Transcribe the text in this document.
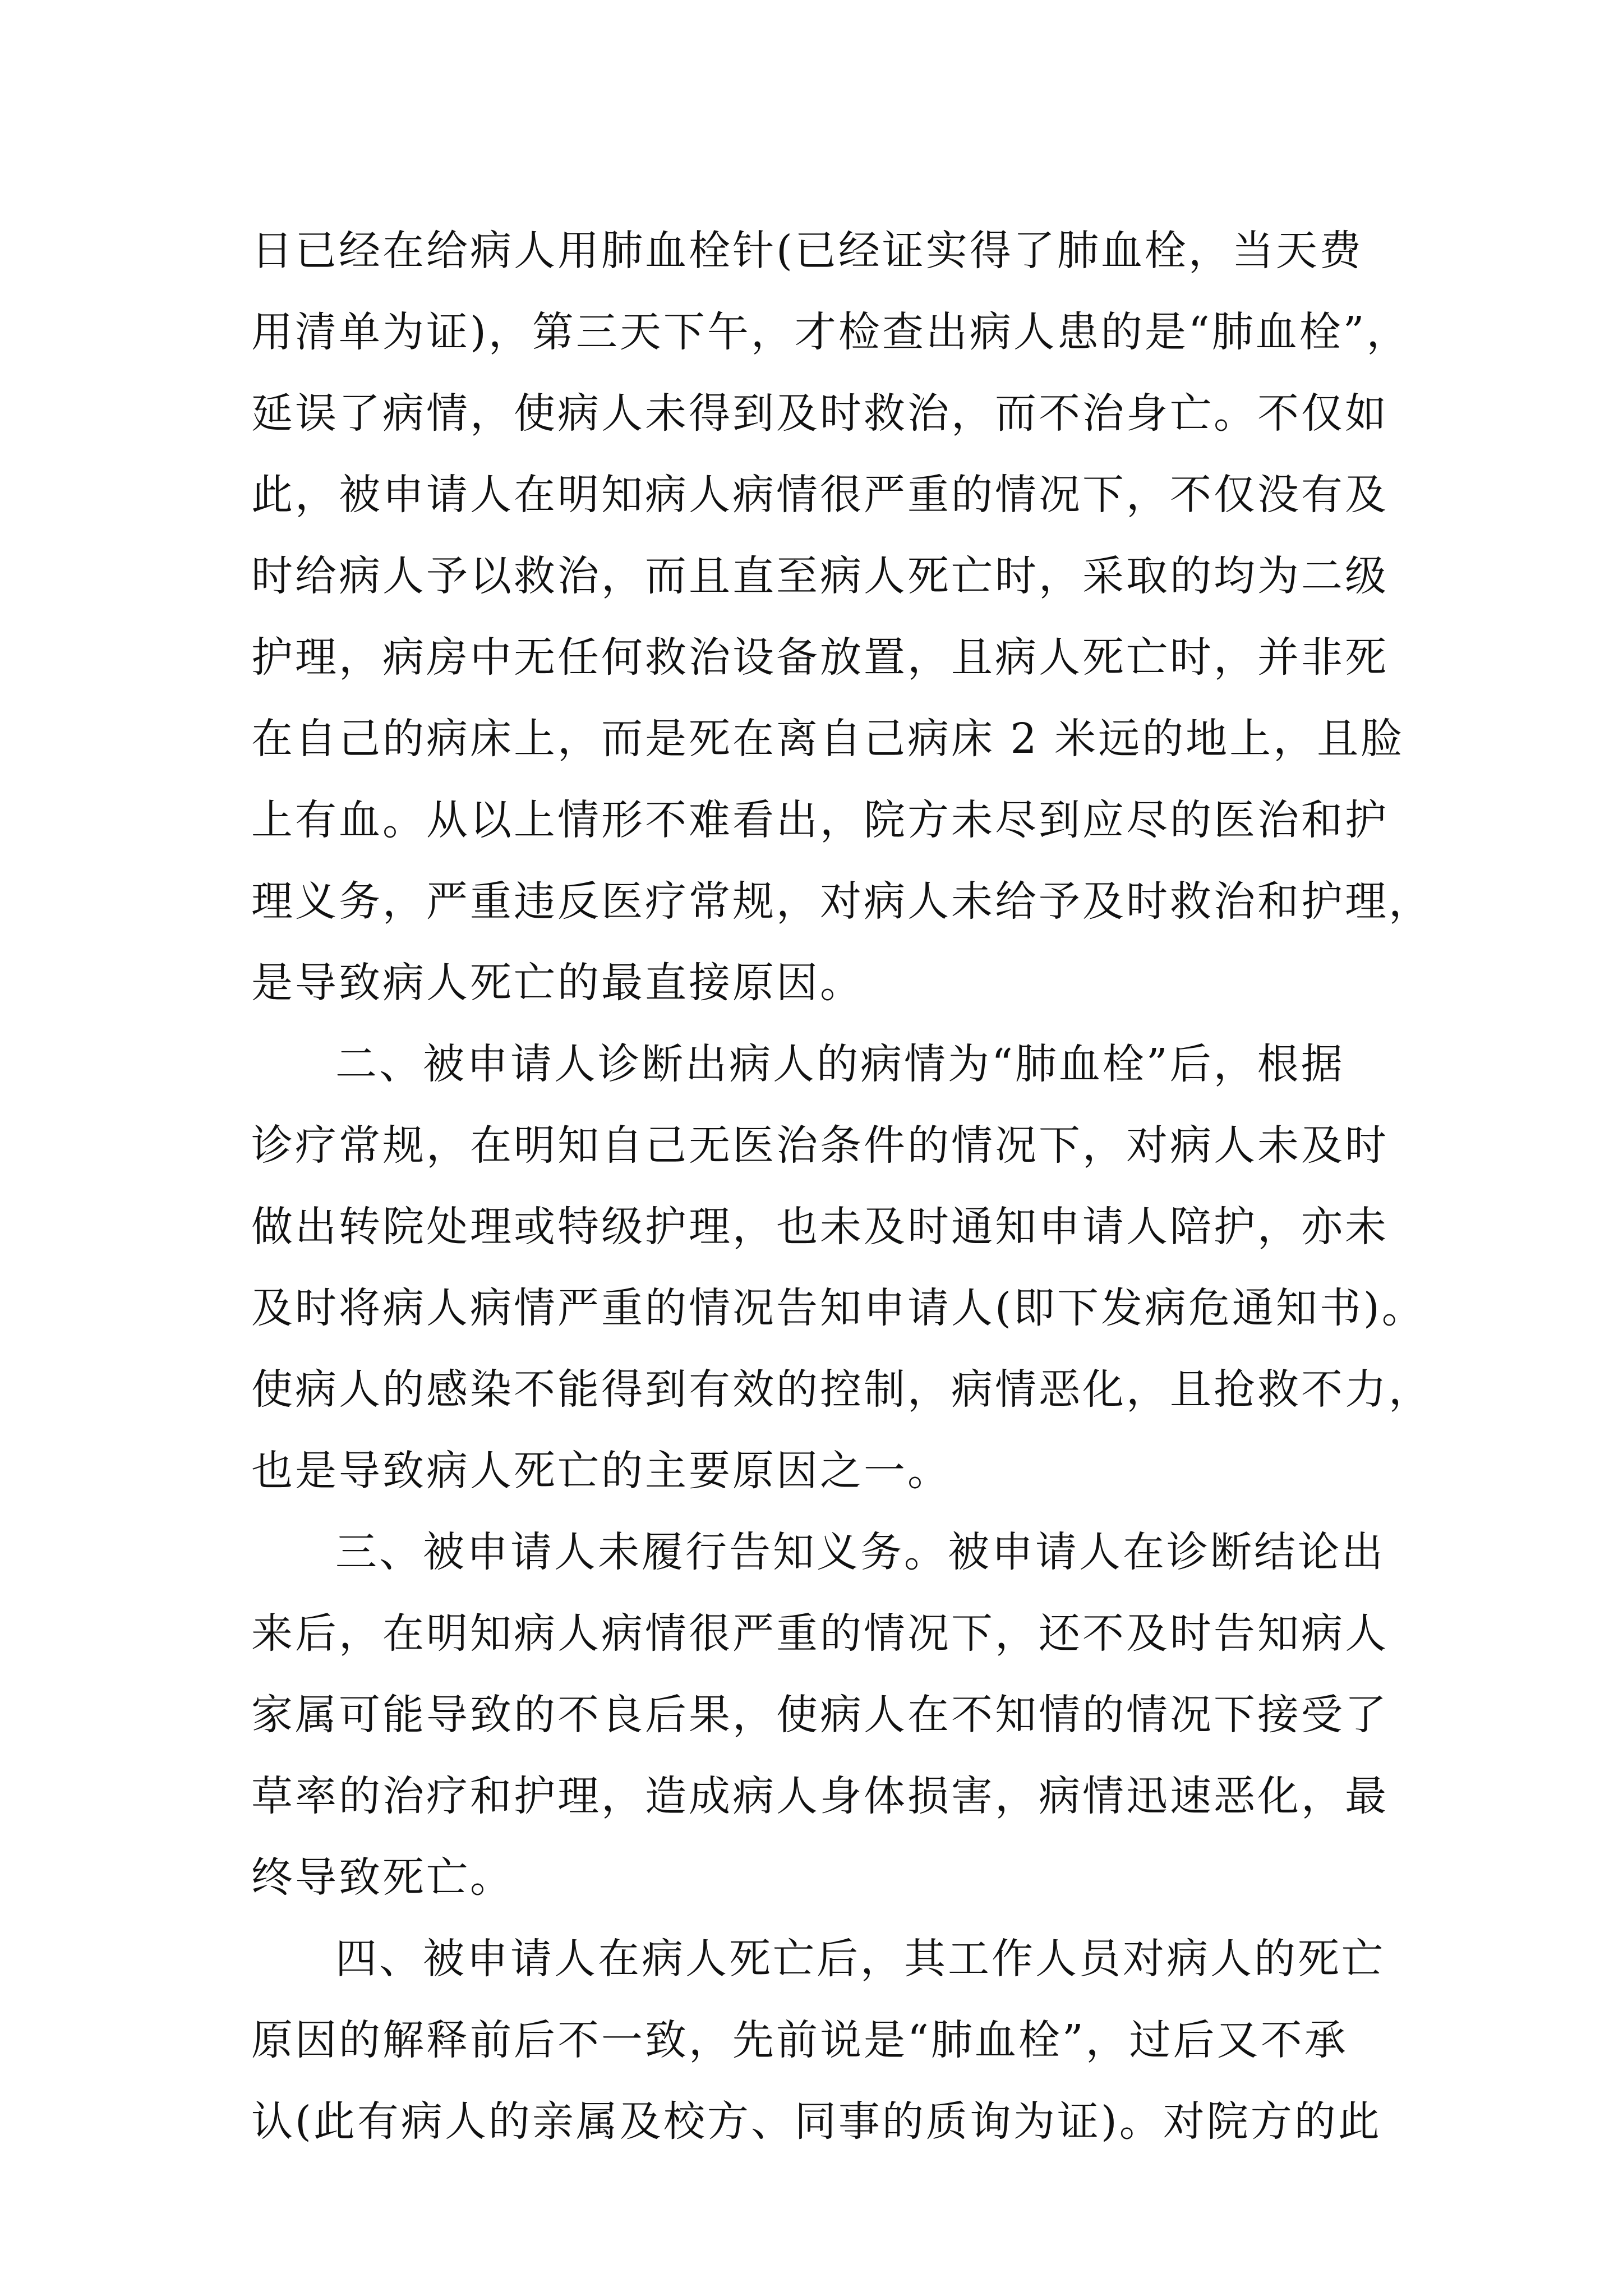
日已经在给病人用肺血栓针(已经证实得了肺血栓，当天费
用清单为证)，第三天下午，才检查出病人患的是“肺血栓”，
延误了病情，使病人未得到及时救治，而不治身亡。不仅如
此，被申请人在明知病人病情很严重的情况下，不仅没有及
时给病人予以救治，而且直至病人死亡时，采取的均为二级
护理，病房中无任何救治设备放置，且病人死亡时，并非死
在自己的病床上，而是死在离自己病床 2 米远的地上，且脸
上有血。从以上情形不难看出，院方未尽到应尽的医治和护
理义务，严重违反医疗常规，对病人未给予及时救治和护理，
是导致病人死亡的最直接原因。
二、被申请人诊断出病人的病情为“肺血栓”后，根据
诊疗常规，在明知自己无医治条件的情况下，对病人未及时
做出转院处理或特级护理，也未及时通知申请人陪护，亦未
及时将病人病情严重的情况告知申请人(即下发病危通知书)。
使病人的感染不能得到有效的控制，病情恶化，且抢救不力，
也是导致病人死亡的主要原因之一。
三、被申请人未履行告知义务。被申请人在诊断结论出
来后，在明知病人病情很严重的情况下，还不及时告知病人
家属可能导致的不良后果，使病人在不知情的情况下接受了
草率的治疗和护理，造成病人身体损害，病情迅速恶化，最
终导致死亡。
四、被申请人在病人死亡后，其工作人员对病人的死亡
原因的解释前后不一致，先前说是“肺血栓”，过后又不承
认(此有病人的亲属及校方、同事的质询为证)。对院方的此
